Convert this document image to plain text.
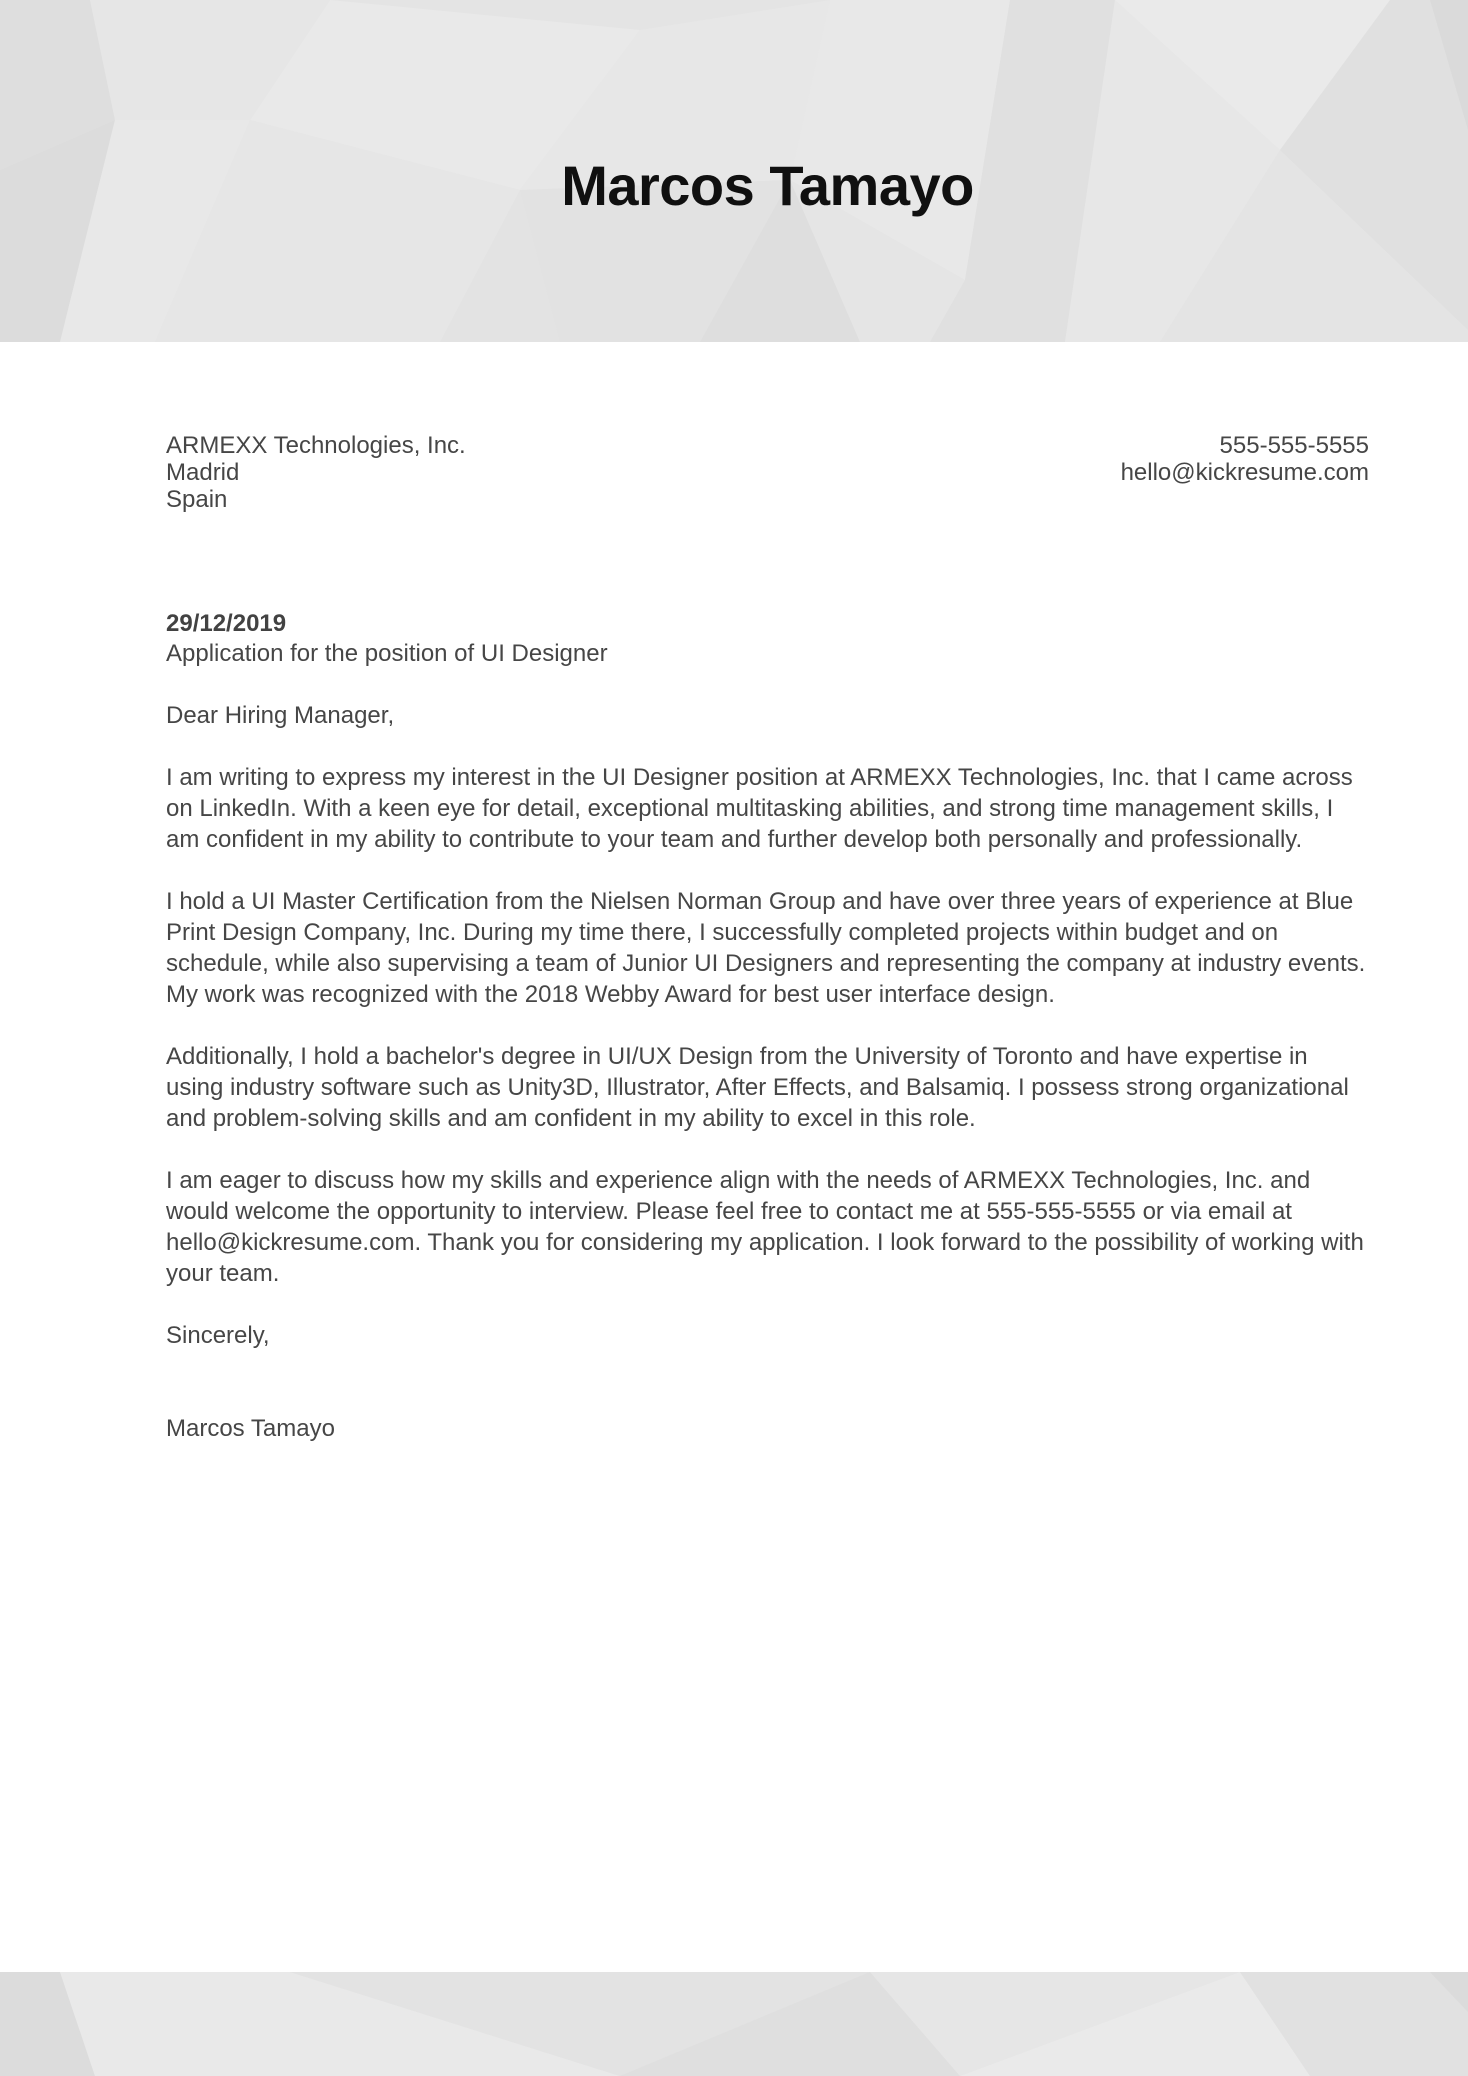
Marcos Tamayo
ARMEXX Technologies, Inc.
Madrid
Spain
555-555-5555
hello@kickresume.com
29/12/2019
Application for the position of UI Designer

Dear Hiring Manager,

I am writing to express my interest in the UI Designer position at ARMEXX Technologies, Inc. that I came across on LinkedIn. With a keen eye for detail, exceptional multitasking abilities, and strong time management skills, I am confident in my ability to contribute to your team and further develop both personally and professionally.

I hold a UI Master Certification from the Nielsen Norman Group and have over three years of experience at Blue Print Design Company, Inc. During my time there, I successfully completed projects within budget and on schedule, while also supervising a team of Junior UI Designers and representing the company at industry events. My work was recognized with the 2018 Webby Award for best user interface design.

Additionally, I hold a bachelor's degree in UI/UX Design from the University of Toronto and have expertise in using industry software such as Unity3D, Illustrator, After Effects, and Balsamiq. I possess strong organizational and problem-solving skills and am confident in my ability to excel in this role.

I am eager to discuss how my skills and experience align with the needs of ARMEXX Technologies, Inc. and would welcome the opportunity to interview. Please feel free to contact me at 555-555-5555 or via email at hello@kickresume.com. Thank you for considering my application. I look forward to the possibility of working with your team.

Sincerely,

Marcos Tamayo
